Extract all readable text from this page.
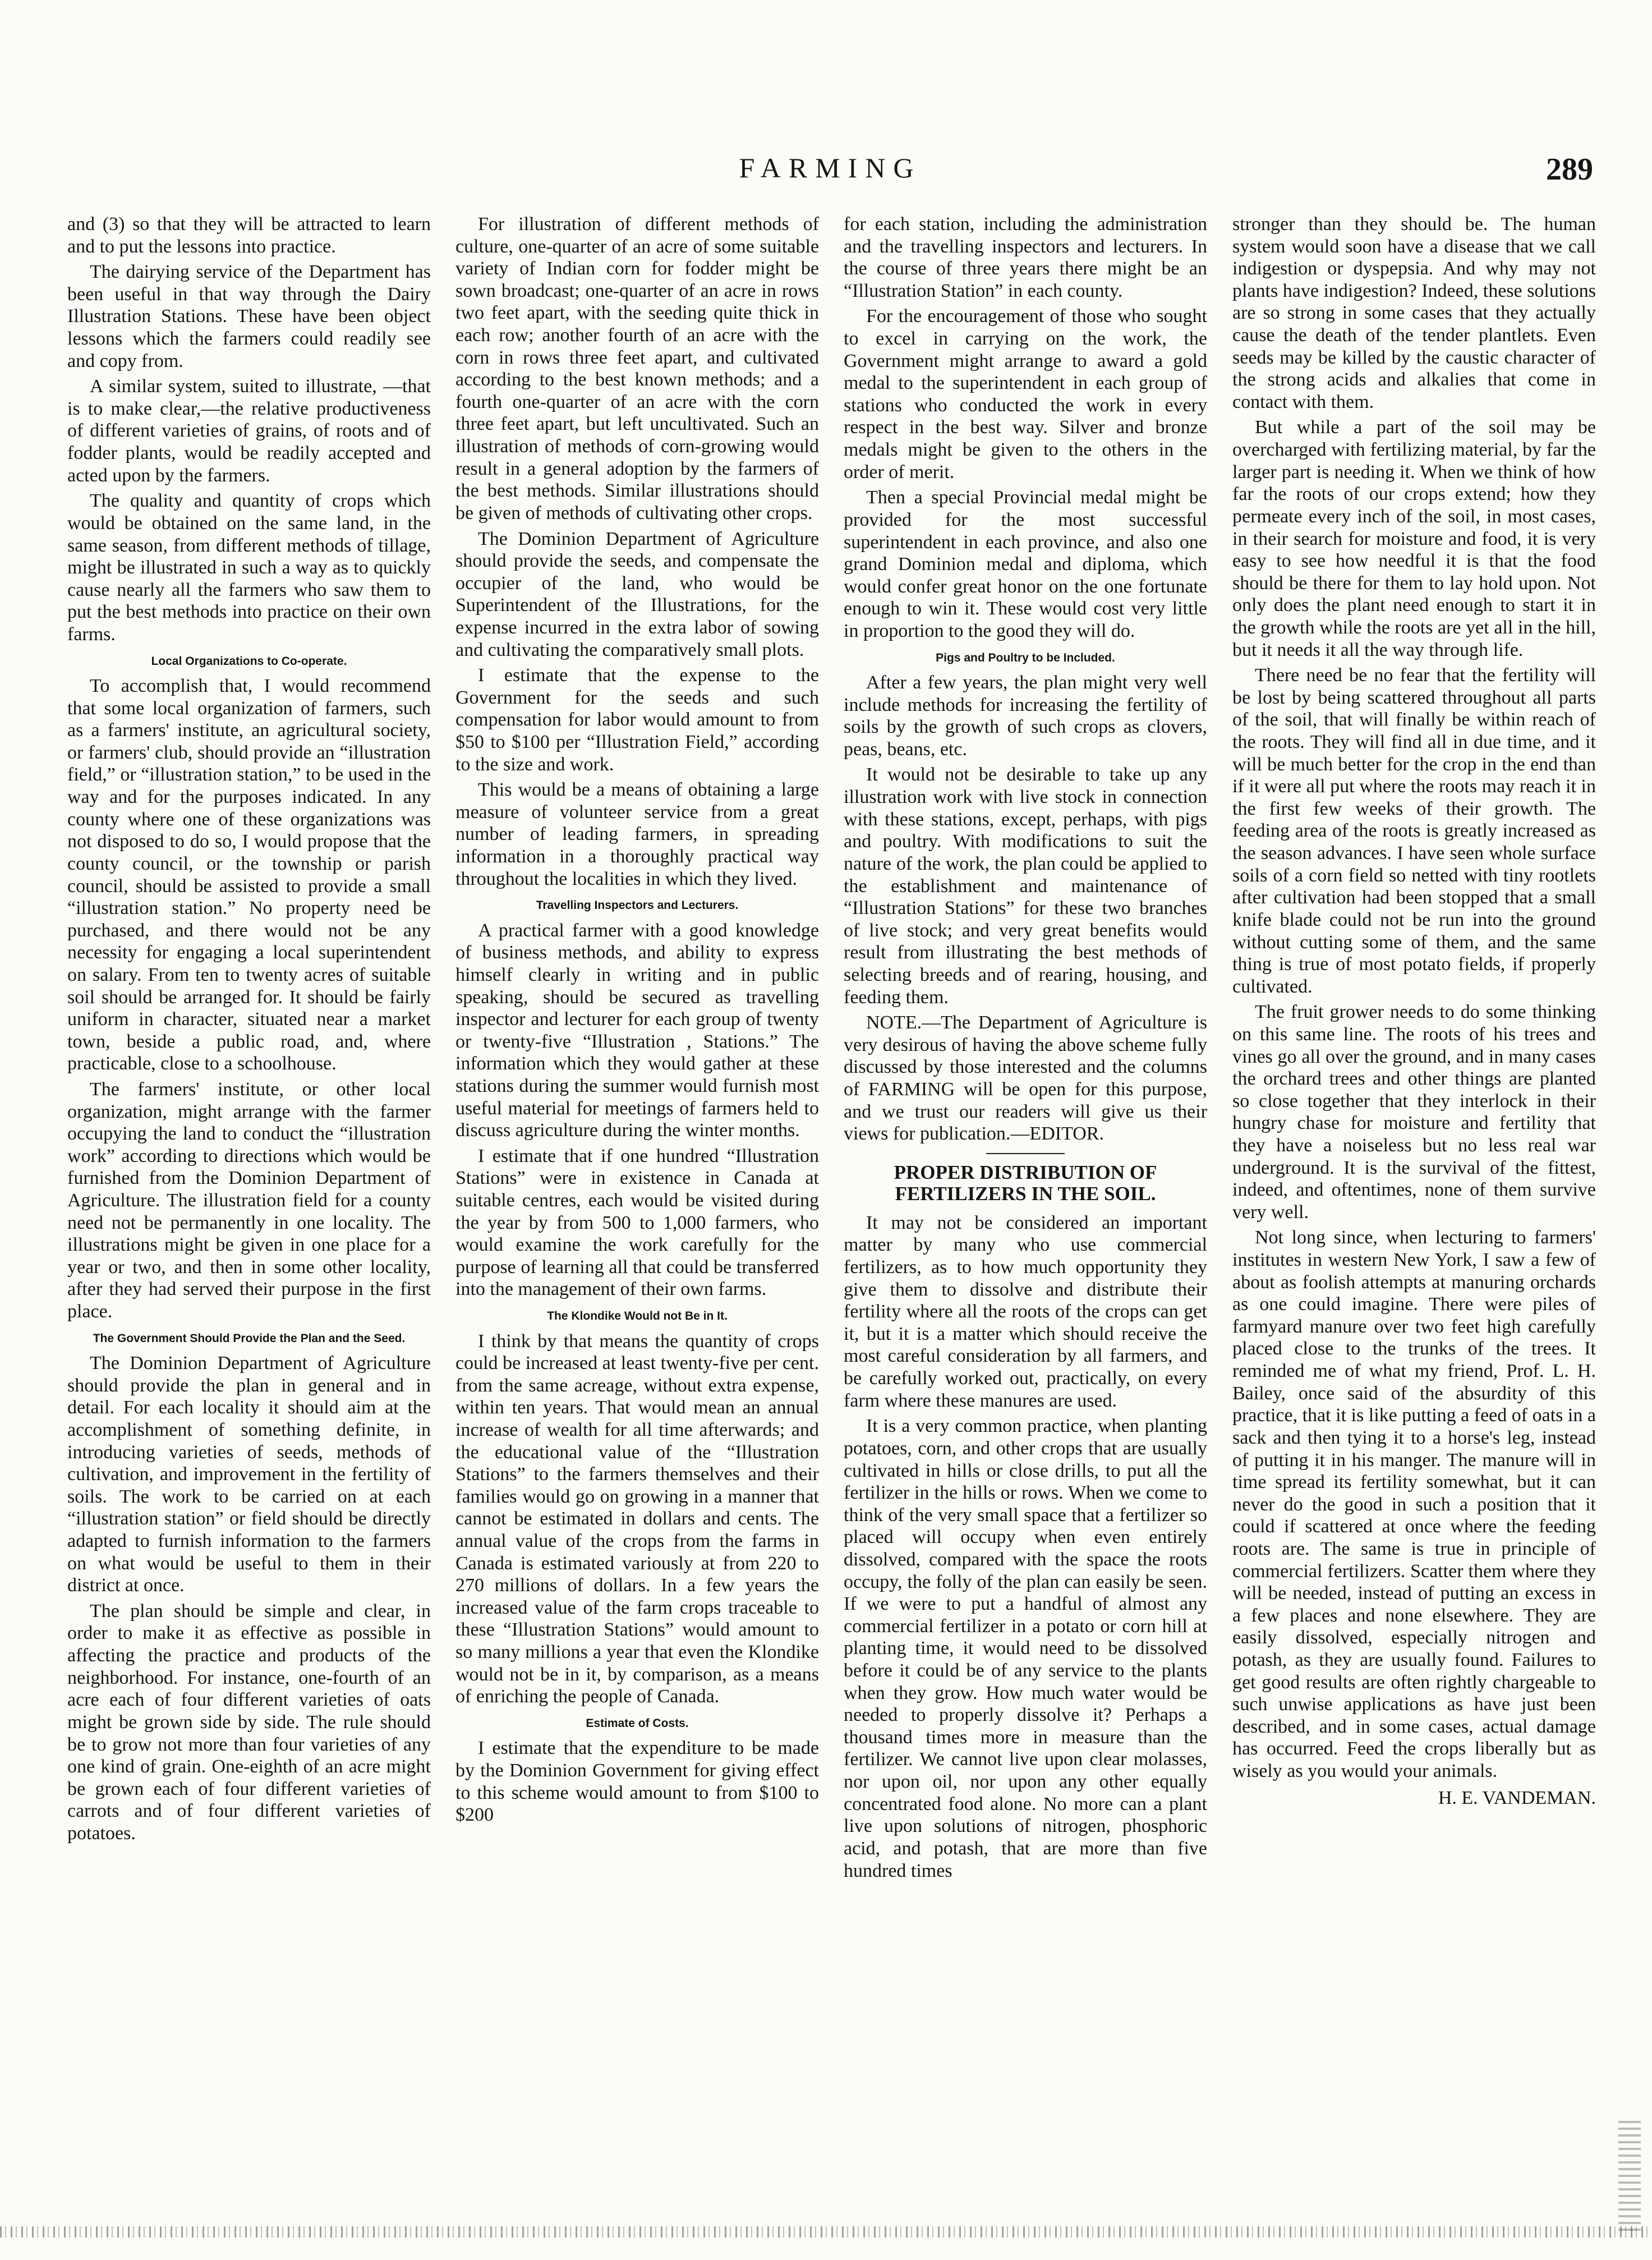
FARMING	289

and (3) so that they will be attracted to learn and to put the lessons into practice.

The dairying service of the Department has been useful in that way through the Dairy Illustration Stations. These have been object lessons which the farmers could readily see and copy from.

A similar system, suited to illustrate, —that is to make clear,—the relative productiveness of different varieties of grains, of roots and of fodder plants, would be readily accepted and acted upon by the farmers.

The quality and quantity of crops which would be obtained on the same land, in the same season, from different methods of tillage, might be illustrated in such a way as to quickly cause nearly all the farmers who saw them to put the best methods into practice on their own farms.

Local Organizations to Co-operate.

To accomplish that, I would recommend that some local organization of farmers, such as a farmers' institute, an agricultural society, or farmers' club, should provide an “illustration field,” or “illustration station,” to be used in the way and for the purposes indicated. In any county where one of these organizations was not disposed to do so, I would propose that the county council, or the township or parish council, should be assisted to provide a small “illustration station.” No property need be purchased, and there would not be any necessity for engaging a local superintendent on salary. From ten to twenty acres of suitable soil should be arranged for. It should be fairly uniform in character, situated near a market town, beside a public road, and, where practicable, close to a schoolhouse.

The farmers' institute, or other local organization, might arrange with the farmer occupying the land to conduct the “illustration work” according to directions which would be furnished from the Dominion Department of Agriculture. The illustration field for a county need not be permanently in one locality. The illustrations might be given in one place for a year or two, and then in some other locality, after they had served their purpose in the first place.

The Government Should Provide the Plan and the Seed.

The Dominion Department of Agriculture should provide the plan in general and in detail. For each locality it should aim at the accomplishment of something definite, in introducing varieties of seeds, methods of cultivation, and improvement in the fertility of soils. The work to be carried on at each “illustration station” or field should be directly adapted to furnish information to the farmers on what would be useful to them in their district at once.

The plan should be simple and clear, in order to make it as effective as possible in affecting the practice and products of the neighborhood. For instance, one-fourth of an acre each of four different varieties of oats might be grown side by side. The rule should be to grow not more than four varieties of any one kind of grain. One-eighth of an acre might be grown each of four different varieties of carrots and of four different varieties of potatoes.

For illustration of different methods of culture, one-quarter of an acre of some suitable variety of Indian corn for fodder might be sown broadcast; one-quarter of an acre in rows two feet apart, with the seeding quite thick in each row; another fourth of an acre with the corn in rows three feet apart, and cultivated according to the best known methods; and a fourth one-quarter of an acre with the corn three feet apart, but left uncultivated. Such an illustration of methods of corn-growing would result in a general adoption by the farmers of the best methods. Similar illustrations should be given of methods of cultivating other crops.

The Dominion Department of Agriculture should provide the seeds, and compensate the occupier of the land, who would be Superintendent of the Illustrations, for the expense incurred in the extra labor of sowing and cultivating the comparatively small plots.

I estimate that the expense to the Government for the seeds and such compensation for labor would amount to from $50 to $100 per “Illustration Field,” according to the size and work.

This would be a means of obtaining a large measure of volunteer service from a great number of leading farmers, in spreading information in a thoroughly practical way throughout the localities in which they lived.

Travelling Inspectors and Lecturers.

A practical farmer with a good knowledge of business methods, and ability to express himself clearly in writing and in public speaking, should be secured as travelling inspector and lecturer for each group of twenty or twenty-five “Illustration , Stations.” The information which they would gather at these stations during the summer would furnish most useful material for meetings of farmers held to discuss agriculture during the winter months.

I estimate that if one hundred “Illustration Stations” were in existence in Canada at suitable centres, each would be visited during the year by from 500 to 1,000 farmers, who would examine the work carefully for the purpose of learning all that could be transferred into the management of their own farms.

The Klondike Would not Be in It.

I think by that means the quantity of crops could be increased at least twenty-five per cent. from the same acreage, without extra expense, within ten years. That would mean an annual increase of wealth for all time afterwards; and the educational value of the “Illustration Stations” to the farmers themselves and their families would go on growing in a manner that cannot be estimated in dollars and cents. The annual value of the crops from the farms in Canada is estimated variously at from 220 to 270 millions of dollars. In a few years the increased value of the farm crops traceable to these “Illustration Stations” would amount to so many millions a year that even the Klondike would not be in it, by comparison, as a means of enriching the people of Canada.

Estimate of Costs.

I estimate that the expenditure to be made by the Dominion Government for giving effect to this scheme would amount to from $100 to $200

for each station, including the administration and the travelling inspectors and lecturers. In the course of three years there might be an “Illustration Station” in each county.

For the encouragement of those who sought to excel in carrying on the work, the Government might arrange to award a gold medal to the superintendent in each group of stations who conducted the work in every respect in the best way. Silver and bronze medals might be given to the others in the order of merit.

Then a special Provincial medal might be provided for the most successful superintendent in each province, and also one grand Dominion medal and diploma, which would confer great honor on the one fortunate enough to win it. These would cost very little in proportion to the good they will do.

Pigs and Poultry to be Included.

After a few years, the plan might very well include methods for increasing the fertility of soils by the growth of such crops as clovers, peas, beans, etc.

It would not be desirable to take up any illustration work with live stock in connection with these stations, except, perhaps, with pigs and poultry. With modifications to suit the nature of the work, the plan could be applied to the establishment and maintenance of “Illustration Stations” for these two branches of live stock; and very great benefits would result from illustrating the best methods of selecting breeds and of rearing, housing, and feeding them.

NOTE.—The Department of Agriculture is very desirous of having the above scheme fully discussed by those interested and the columns of FARMING will be open for this purpose, and we trust our readers will give us their views for publication.—EDITOR.

PROPER DISTRIBUTION OF FERTILIZERS IN THE SOIL.

It may not be considered an important matter by many who use commercial fertilizers, as to how much opportunity they give them to dissolve and distribute their fertility where all the roots of the crops can get it, but it is a matter which should receive the most careful consideration by all farmers, and be carefully worked out, practically, on every farm where these manures are used.

It is a very common practice, when planting potatoes, corn, and other crops that are usually cultivated in hills or close drills, to put all the fertilizer in the hills or rows. When we come to think of the very small space that a fertilizer so placed will occupy when even entirely dissolved, compared with the space the roots occupy, the folly of the plan can easily be seen. If we were to put a handful of almost any commercial fertilizer in a potato or corn hill at planting time, it would need to be dissolved before it could be of any service to the plants when they grow. How much water would be needed to properly dissolve it? Perhaps a thousand times more in measure than the fertilizer. We cannot live upon clear molasses, nor upon oil, nor upon any other equally concentrated food alone. No more can a plant live upon solutions of nitrogen, phosphoric acid, and potash, that are more than five hundred times

stronger than they should be. The human system would soon have a disease that we call indigestion or dyspepsia. And why may not plants have indigestion? Indeed, these solutions are so strong in some cases that they actually cause the death of the tender plantlets. Even seeds may be killed by the caustic character of the strong acids and alkalies that come in contact with them.

But while a part of the soil may be overcharged with fertilizing material, by far the larger part is needing it. When we think of how far the roots of our crops extend; how they permeate every inch of the soil, in most cases, in their search for moisture and food, it is very easy to see how needful it is that the food should be there for them to lay hold upon. Not only does the plant need enough to start it in the growth while the roots are yet all in the hill, but it needs it all the way through life.

There need be no fear that the fertility will be lost by being scattered throughout all parts of the soil, that will finally be within reach of the roots. They will find all in due time, and it will be much better for the crop in the end than if it were all put where the roots may reach it in the first few weeks of their growth. The feeding area of the roots is greatly increased as the season advances. I have seen whole surface soils of a corn field so netted with tiny rootlets after cultivation had been stopped that a small knife blade could not be run into the ground without cutting some of them, and the same thing is true of most potato fields, if properly cultivated.

The fruit grower needs to do some thinking on this same line. The roots of his trees and vines go all over the ground, and in many cases the orchard trees and other things are planted so close together that they interlock in their hungry chase for moisture and fertility that they have a noiseless but no less real war underground. It is the survival of the fittest, indeed, and oftentimes, none of them survive very well.

Not long since, when lecturing to farmers' institutes in western New York, I saw a few of about as foolish attempts at manuring orchards as one could imagine. There were piles of farmyard manure over two feet high carefully placed close to the trunks of the trees. It reminded me of what my friend, Prof. L. H. Bailey, once said of the absurdity of this practice, that it is like putting a feed of oats in a sack and then tying it to a horse's leg, instead of putting it in his manger. The manure will in time spread its fertility somewhat, but it can never do the good in such a position that it could if scattered at once where the feeding roots are. The same is true in principle of commercial fertilizers. Scatter them where they will be needed, instead of putting an excess in a few places and none elsewhere. They are easily dissolved, especially nitrogen and potash, as they are usually found. Failures to get good results are often rightly chargeable to such unwise applications as have just been described, and in some cases, actual damage has occurred. Feed the crops liberally but as wisely as you would your animals.

H. E. VANDEMAN.
